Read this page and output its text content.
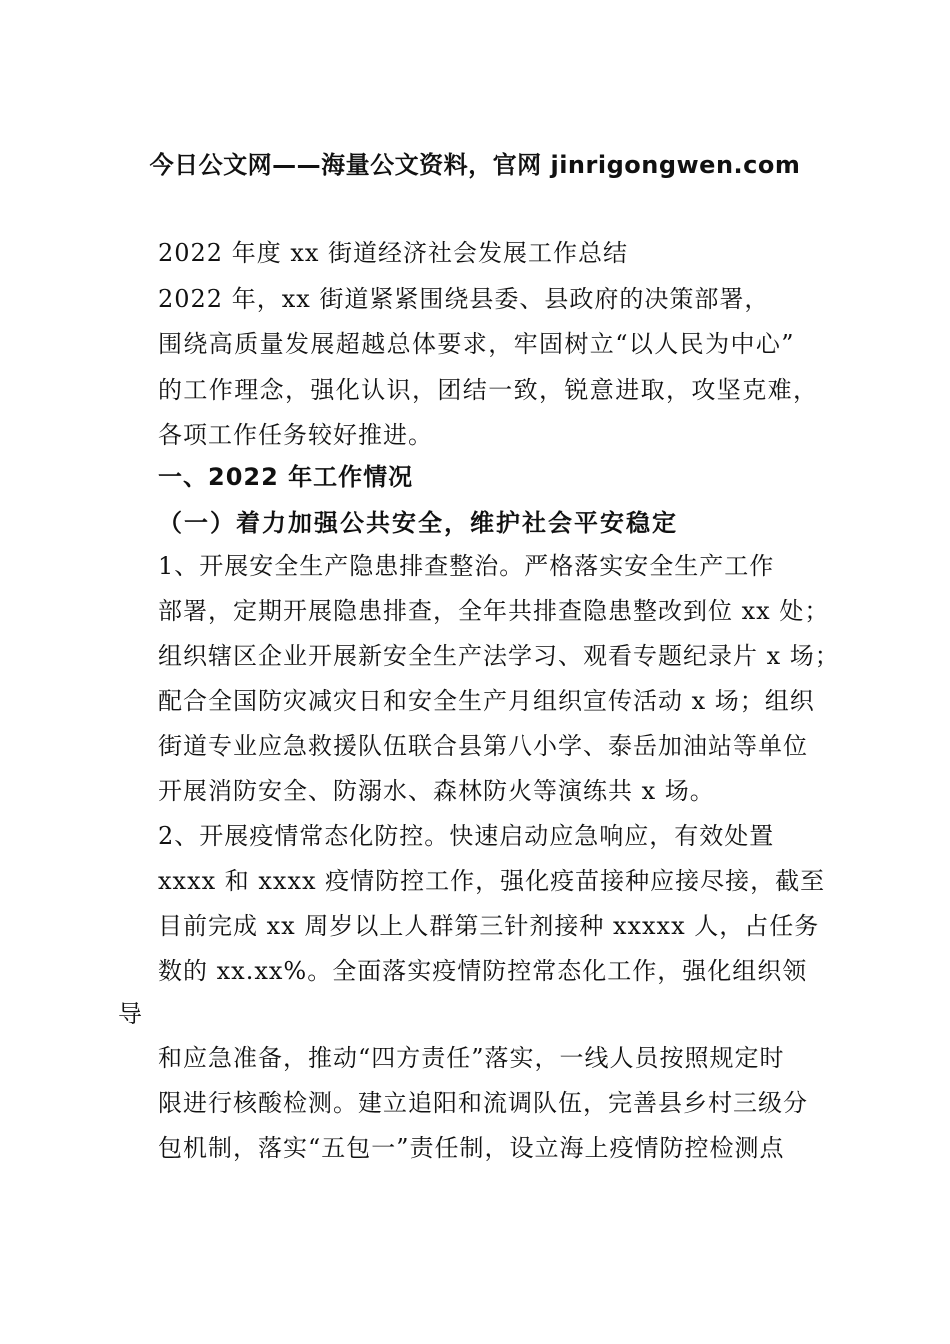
今日公文网——海量公文资料，官网 jinrigongwen.com
2022 年度 xx 街道经济社会发展工作总结
2022 年，xx 街道紧紧围绕县委、县政府的决策部署，
围绕高质量发展超越总体要求，牢固树立“以人民为中心”
的工作理念，强化认识，团结一致，锐意进取，攻坚克难，
各项工作任务较好推进。
一、2022 年工作情况
（一）着力加强公共安全，维护社会平安稳定
1、开展安全生产隐患排查整治。严格落实安全生产工作
部署，定期开展隐患排查，全年共排查隐患整改到位 xx 处；
组织辖区企业开展新安全生产法学习、观看专题纪录片 x 场；
配合全国防灾减灾日和安全生产月组织宣传活动 x 场；组织
街道专业应急救援队伍联合县第八小学、泰岳加油站等单位
开展消防安全、防溺水、森林防火等演练共 x 场。
2、开展疫情常态化防控。快速启动应急响应，有效处置
xxxx 和 xxxx 疫情防控工作，强化疫苗接种应接尽接，截至
目前完成 xx 周岁以上人群第三针剂接种 xxxxx 人，占任务
数的 xx.xx%。全面落实疫情防控常态化工作，强化组织领
导
和应急准备，推动“四方责任”落实，一线人员按照规定时
限进行核酸检测。建立追阳和流调队伍，完善县乡村三级分
包机制，落实“五包一”责任制，设立海上疫情防控检测点
